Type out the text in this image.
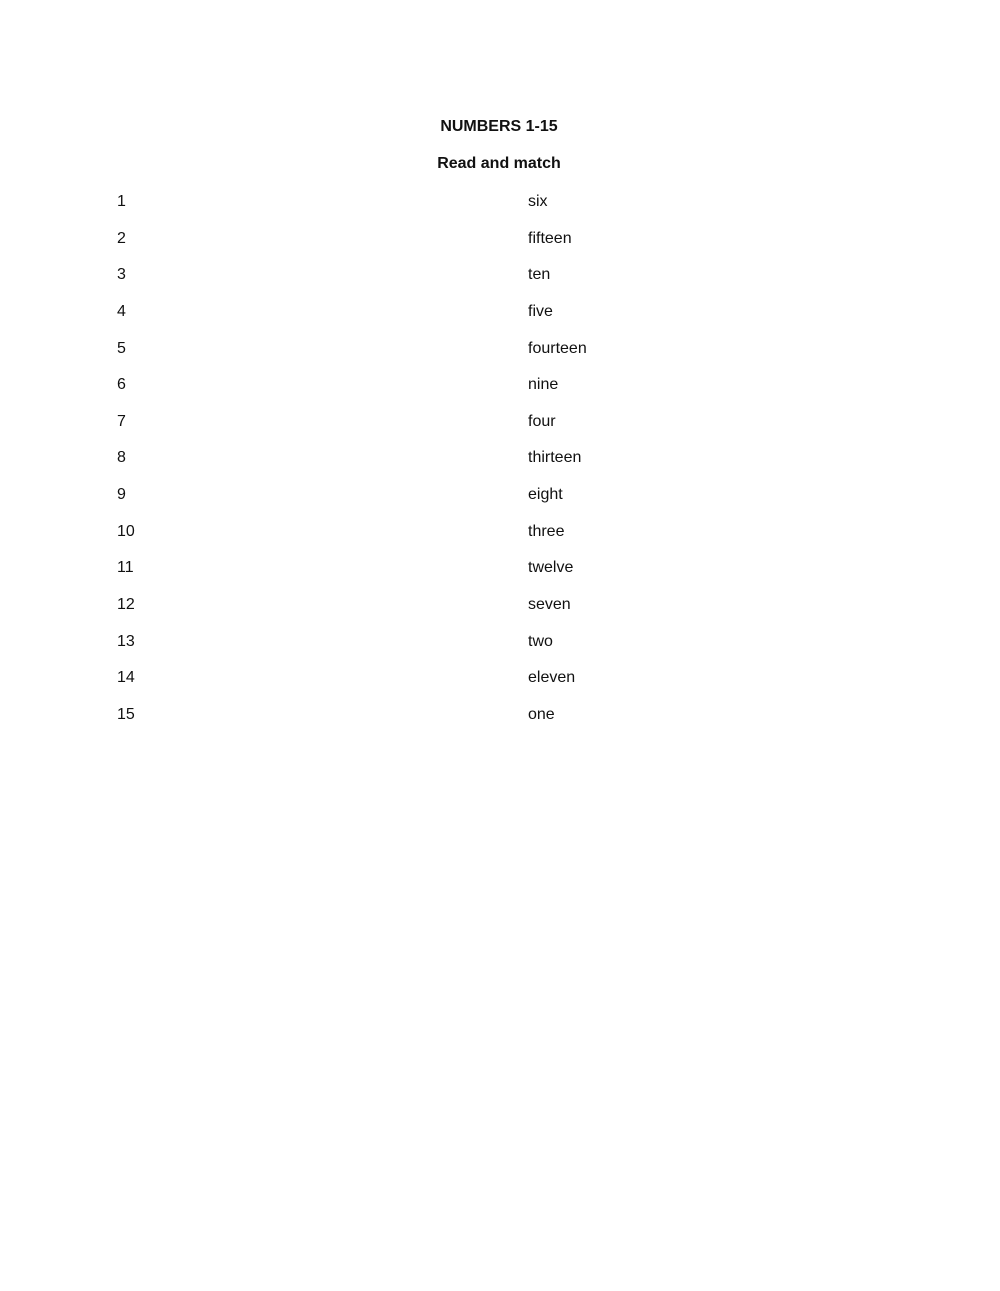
NUMBERS 1-15
Read and match
1	six
2	fifteen
3	ten
4	five
5	fourteen
6	nine
7	four
8	thirteen
9	eight
10	three
11	twelve
12	seven
13	two
14	eleven
15	one
